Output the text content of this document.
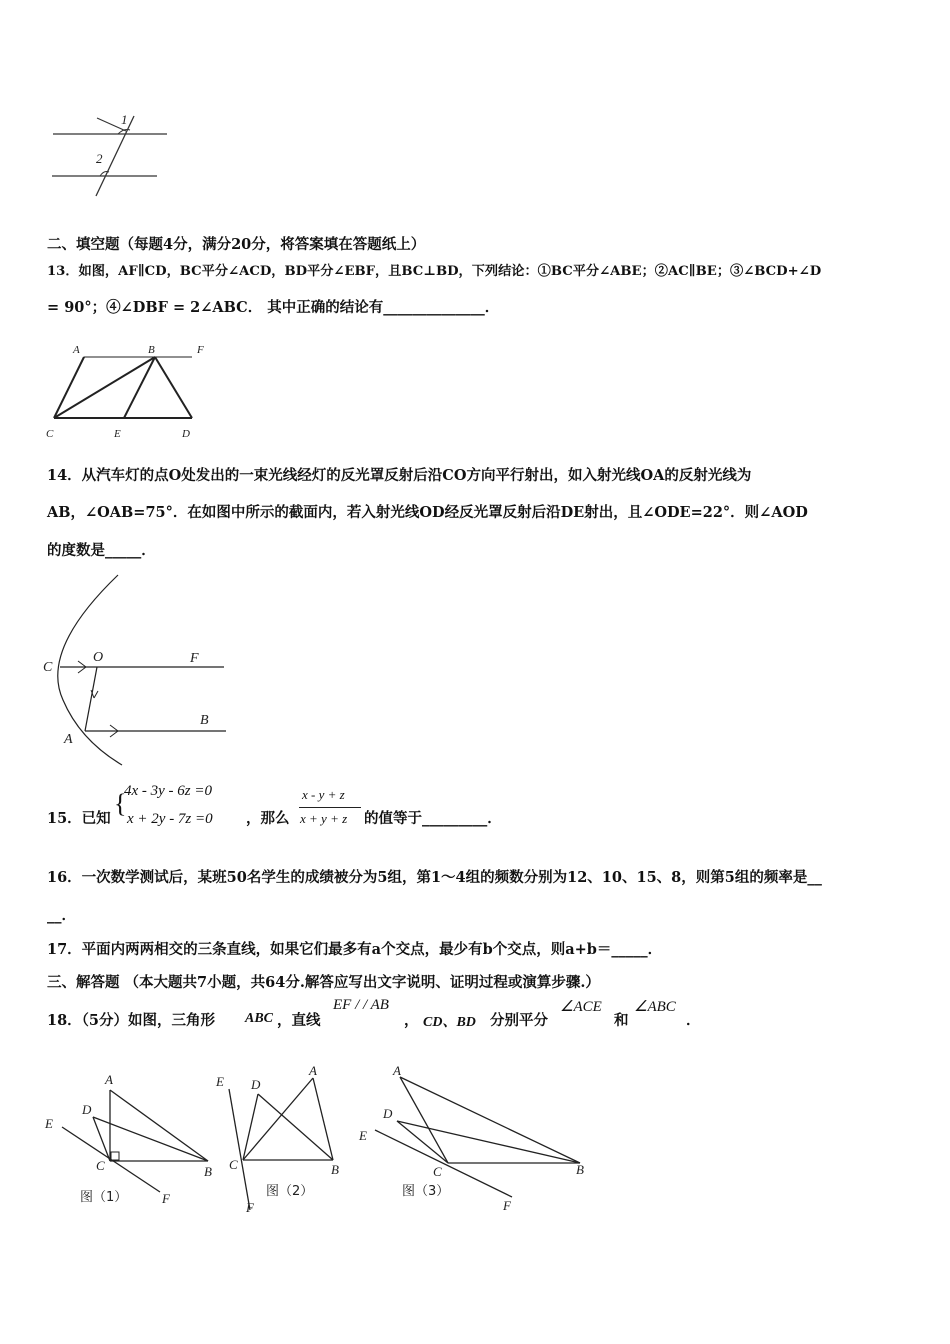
1
2
二、填空题（每题4分，满分20分，将答案填在答题纸上）
13．如图，AF∥CD，BC平分∠ACD，BD平分∠EBF，且BC⊥BD，下列结论：①BC平分∠ABE；②AC∥BE；③∠BCD+∠D
= 90°；④∠DBF = 2∠ABC． 其中正确的结论有______________．
A	B	F
C	E	D
14．从汽车灯的点O处发出的一束光线经灯的反光罩反射后沿CO方向平行射出，如入射光线OA的反射光线为
AB，∠OAB=75°．在如图中所示的截面内，若入射光线OD经反光罩反射后沿DE射出，且∠ODE=22°．则∠AOD
的度数是_____．
C
O	F
B
A
15．已知
{
4x - 3y - 6z =0
x + 2y - 7z =0 ，那么
x - y + z
x + y + z 的值等于_________．
16．一次数学测试后，某班50名学生的成绩被分为5组，第1～4组的频数分别为12、10、15、8，则第5组的频率是__
__．
17．平面内两两相交的三条直线，如果它们最多有a个交点，最少有b个交点，则a+b＝_____．
三、解答题 （本大题共7小题，共64分.解答应写出文字说明、证明过程或演算步骤.）
18．（5分）如图，三角形 ABC ，直线
EF / / AB
， CD、BD 分别平分
∠ACE
和
∠ABC
．
A
D
E
C	B
F
图（1）
E D
A
C	B
F
图（2）
A
D
E
C	B
F
图（3）
